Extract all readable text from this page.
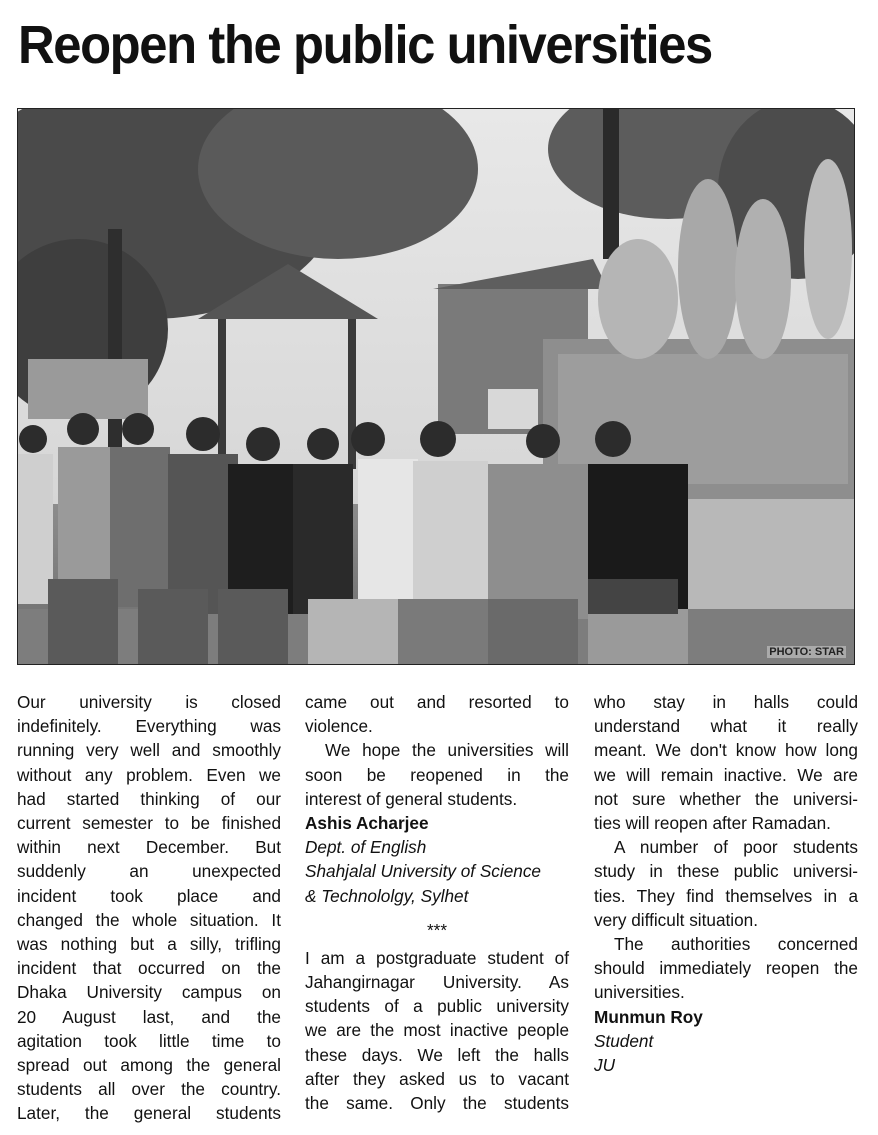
Reopen the public universities
PHOTO: STAR
Our university is closed
indefinitely. Everything was
running very well and smoothly
without any problem. Even we
had started thinking of our
current semester to be finished
within next December. But
suddenly an unexpected
incident took place and
changed the whole situation. It
was nothing but a silly, trifling
incident that occurred on the
Dhaka University campus on
20 August last, and the
agitation took little time to
spread out among the general
students all over the country.
Later, the general students
came out and resorted to
violence.
We hope the universities will
soon be reopened in the
interest of general students.
Ashis Acharjee
Dept. of English
Shahjalal University of Science
& Technololgy, Sylhet
***
I am a postgraduate student of
Jahangirnagar University. As
students of a public university
we are the most inactive people
these days. We left the halls
after they asked us to vacant
the same. Only the students
who stay in halls could
understand what it really
meant. We don't know how long
we will remain inactive. We are
not sure whether the universi-
ties will reopen after Ramadan.
A number of poor students
study in these public universi-
ties. They find themselves in a
very difficult situation.
The authorities concerned
should immediately reopen the
universities.
Munmun Roy
Student
JU
